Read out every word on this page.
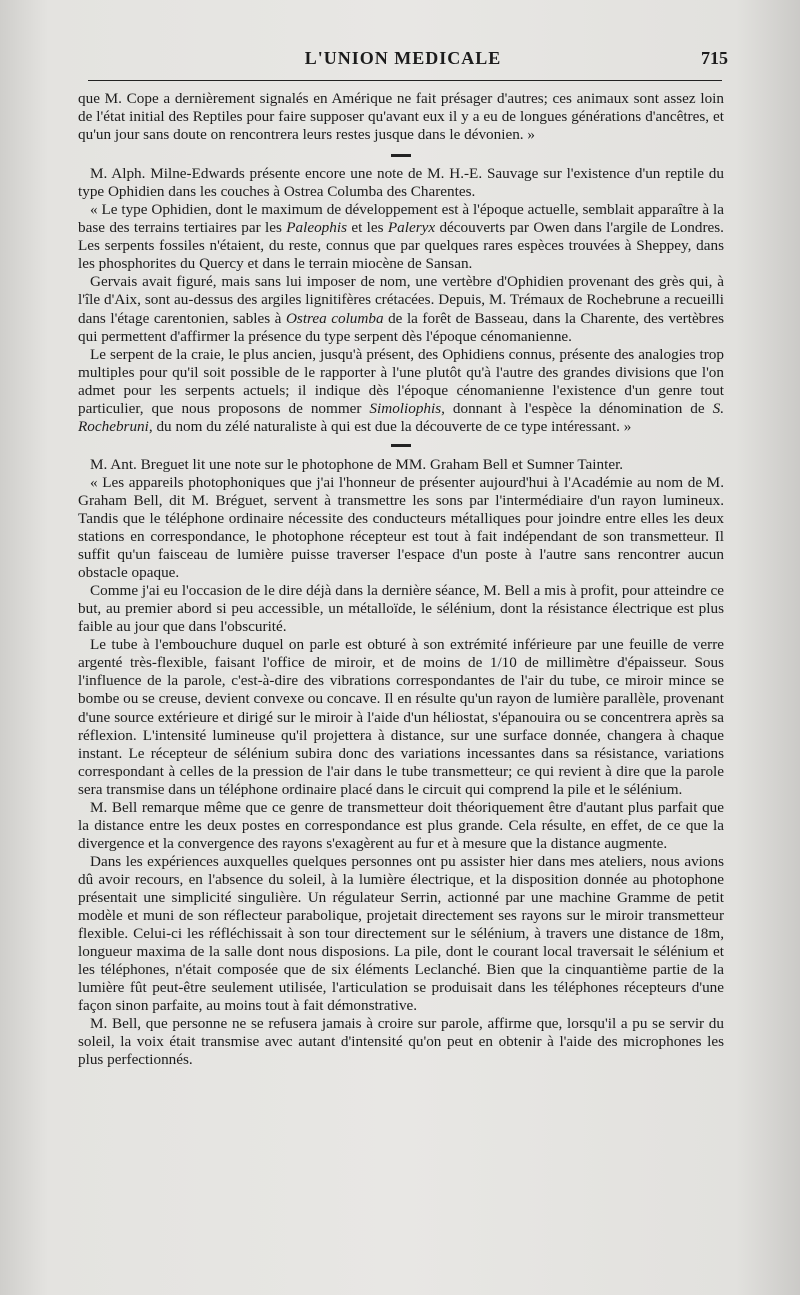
L'UNION MEDICALE	715

que M. Cope a dernièrement signalés en Amérique ne fait présager d'autres; ces animaux sont assez loin de l'état initial des Reptiles pour faire supposer qu'avant eux il y a eu de longues générations d'ancêtres, et qu'un jour sans doute on rencontrera leurs restes jusque dans le dévonien. »

M. Alph. Milne-Edwards présente encore une note de M. H.-E. Sauvage sur l'existence d'un reptile du type Ophidien dans les couches à Ostrea Columba des Charentes.

« Le type Ophidien, dont le maximum de développement est à l'époque actuelle, semblait apparaître à la base des terrains tertiaires par les Paleophis et les Paleryx découverts par Owen dans l'argile de Londres. Les serpents fossiles n'étaient, du reste, connus que par quelques rares espèces trouvées à Sheppey, dans les phosphorites du Quercy et dans le terrain miocène de Sansan.

Gervais avait figuré, mais sans lui imposer de nom, une vertèbre d'Ophidien provenant des grès qui, à l'île d'Aix, sont au-dessus des argiles lignitifères crétacées. Depuis, M. Trémaux de Rochebrune a recueilli dans l'étage carentonien, sables à Ostrea columba de la forêt de Basseau, dans la Charente, des vertèbres qui permettent d'affirmer la présence du type serpent dès l'époque cénomanienne.

Le serpent de la craie, le plus ancien, jusqu'à présent, des Ophidiens connus, présente des analogies trop multiples pour qu'il soit possible de le rapporter à l'une plutôt qu'à l'autre des grandes divisions que l'on admet pour les serpents actuels; il indique dès l'époque cénomanienne l'existence d'un genre tout particulier, que nous proposons de nommer Simoliophis, donnant à l'espèce la dénomination de S. Rochebruni, du nom du zélé naturaliste à qui est due la découverte de ce type intéressant. »

M. Ant. Breguet lit une note sur le photophone de MM. Graham Bell et Sumner Tainter.

« Les appareils photophoniques que j'ai l'honneur de présenter aujourd'hui à l'Académie au nom de M. Graham Bell, dit M. Bréguet, servent à transmettre les sons par l'intermédiaire d'un rayon lumineux. Tandis que le téléphone ordinaire nécessite des conducteurs métalliques pour joindre entre elles les deux stations en correspondance, le photophone récepteur est tout à fait indépendant de son transmetteur. Il suffit qu'un faisceau de lumière puisse traverser l'espace d'un poste à l'autre sans rencontrer aucun obstacle opaque.

Comme j'ai eu l'occasion de le dire déjà dans la dernière séance, M. Bell a mis à profit, pour atteindre ce but, au premier abord si peu accessible, un métalloïde, le sélénium, dont la résistance électrique est plus faible au jour que dans l'obscurité.

Le tube à l'embouchure duquel on parle est obturé à son extrémité inférieure par une feuille de verre argenté très-flexible, faisant l'office de miroir, et de moins de 1/10 de millimètre d'épaisseur. Sous l'influence de la parole, c'est-à-dire des vibrations correspondantes de l'air du tube, ce miroir mince se bombe ou se creuse, devient convexe ou concave. Il en résulte qu'un rayon de lumière parallèle, provenant d'une source extérieure et dirigé sur le miroir à l'aide d'un héliostat, s'épanouira ou se concentrera après sa réflexion. L'intensité lumineuse qu'il projettera à distance, sur une surface donnée, changera à chaque instant. Le récepteur de sélénium subira donc des variations incessantes dans sa résistance, variations correspondant à celles de la pression de l'air dans le tube transmetteur; ce qui revient à dire que la parole sera transmise dans un téléphone ordinaire placé dans le circuit qui comprend la pile et le sélénium.

M. Bell remarque même que ce genre de transmetteur doit théoriquement être d'autant plus parfait que la distance entre les deux postes en correspondance est plus grande. Cela résulte, en effet, de ce que la divergence et la convergence des rayons s'exagèrent au fur et à mesure que la distance augmente.

Dans les expériences auxquelles quelques personnes ont pu assister hier dans mes ateliers, nous avions dû avoir recours, en l'absence du soleil, à la lumière électrique, et la disposition donnée au photophone présentait une simplicité singulière. Un régulateur Serrin, actionné par une machine Gramme de petit modèle et muni de son réflecteur parabolique, projetait directement ses rayons sur le miroir transmetteur flexible. Celui-ci les réfléchissait à son tour directement sur le sélénium, à travers une distance de 18m, longueur maxima de la salle dont nous disposions. La pile, dont le courant local traversait le sélénium et les téléphones, n'était composée que de six éléments Leclanché. Bien que la cinquantième partie de la lumière fût peut-être seulement utilisée, l'articulation se produisait dans les téléphones récepteurs d'une façon sinon parfaite, au moins tout à fait démonstrative.

M. Bell, que personne ne se refusera jamais à croire sur parole, affirme que, lorsqu'il a pu se servir du soleil, la voix était transmise avec autant d'intensité qu'on peut en obtenir à l'aide des microphones les plus perfectionnés.
